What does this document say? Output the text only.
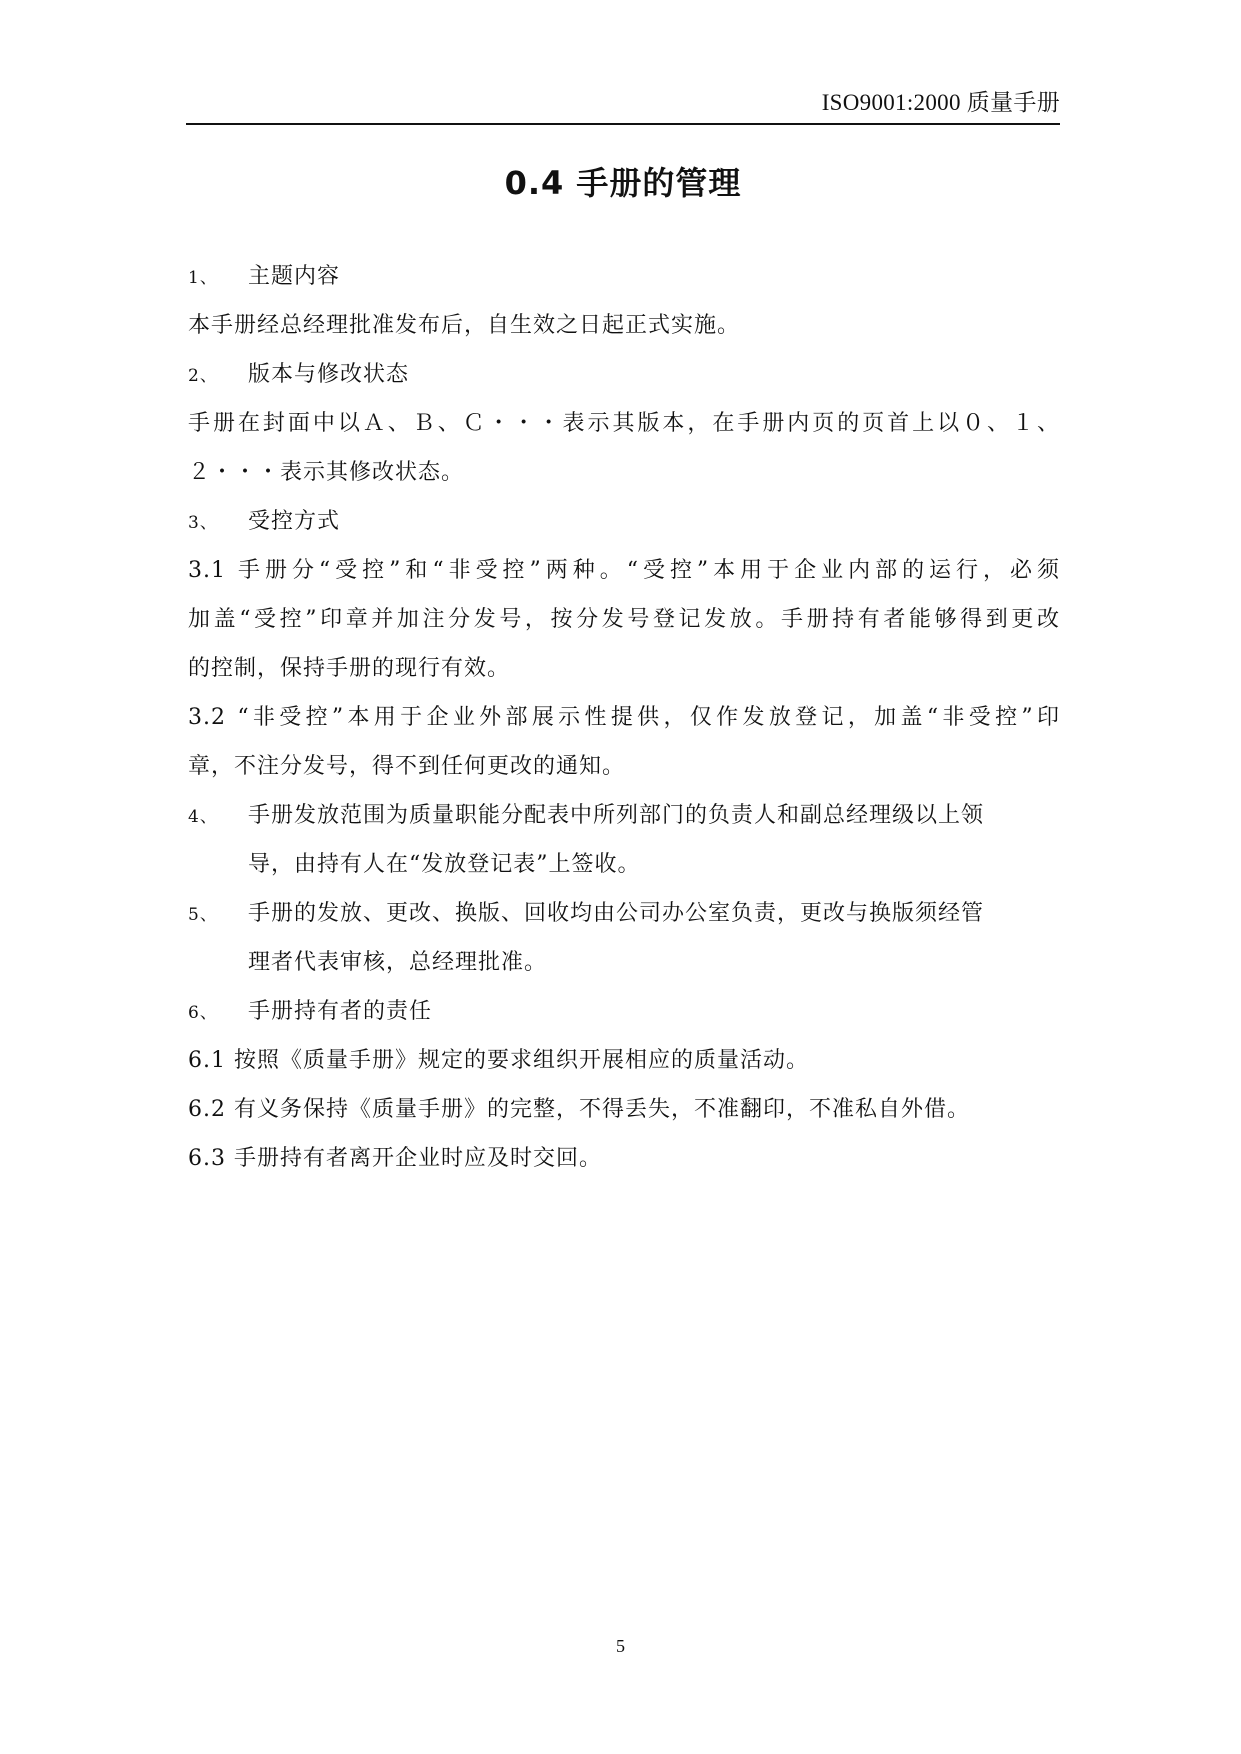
ISO9001:2000 质量手册
0.4 手册的管理
1、 主题内容
本手册经总经理批准发布后，自生效之日起正式实施。
2、 版本与修改状态
手册在封面中以Ａ、Ｂ、Ｃ・・・表示其版本，在手册内页的页首上以０、１、
２・・・表示其修改状态。
3、 受控方式
3.1 手册分“受控”和“非受控”两种。“受控”本用于企业内部的运行，必须
加盖“受控”印章并加注分发号，按分发号登记发放。手册持有者能够得到更改
的控制，保持手册的现行有效。
3.2 “非受控”本用于企业外部展示性提供，仅作发放登记，加盖“非受控”印
章，不注分发号，得不到任何更改的通知。
4、 手册发放范围为质量职能分配表中所列部门的负责人和副总经理级以上领
导，由持有人在“发放登记表”上签收。
5、 手册的发放、更改、换版、回收均由公司办公室负责，更改与换版须经管
理者代表审核，总经理批准。
6、 手册持有者的责任
6.1 按照《质量手册》规定的要求组织开展相应的质量活动。
6.2 有义务保持《质量手册》的完整，不得丢失，不准翻印，不准私自外借。
6.3 手册持有者离开企业时应及时交回。
5
